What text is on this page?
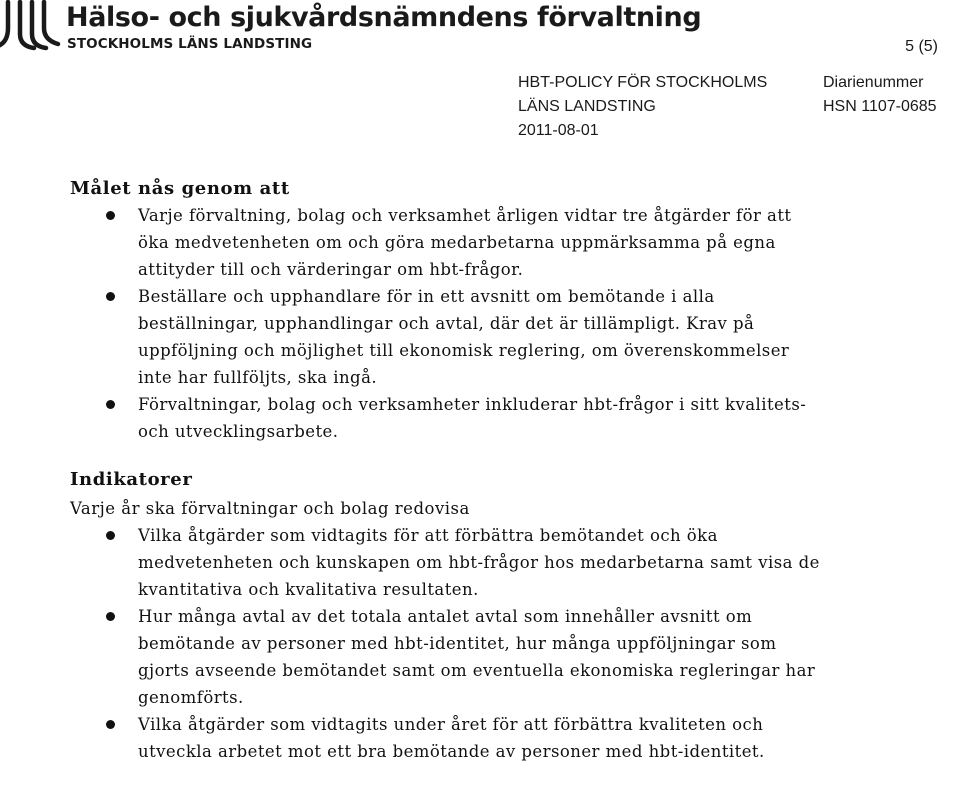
Hälso- och sjukvårdsnämndens förvaltning
STOCKHOLMS LÄNS LANDSTING	5 (5)
HBT-POLICY FÖR STOCKHOLMS
LÄNS LANDSTING
2011-08-01
Diarienummer
HSN 1107-0685
Målet nås genom att
Varje förvaltning, bolag och verksamhet årligen vidtar tre åtgärder för att öka medvetenheten om och göra medarbetarna uppmärksamma på egna attityder till och värderingar om hbt-frågor.
Beställare och upphandlare för in ett avsnitt om bemötande i alla beställningar, upphandlingar och avtal, där det är tillämpligt. Krav på uppföljning och möjlighet till ekonomisk reglering, om överenskommelser inte har fullföljts, ska ingå.
Förvaltningar, bolag och verksamheter inkluderar hbt-frågor i sitt kvalitets- och utvecklingsarbete.
Indikatorer

Varje år ska förvaltningar och bolag redovisa

Vilka åtgärder som vidtagits för att förbättra bemötandet och öka medvetenheten och kunskapen om hbt-frågor hos medarbetarna samt visa de kvantitativa och kvalitativa resultaten.
Hur många avtal av det totala antalet avtal som innehåller avsnitt om bemötande av personer med hbt-identitet, hur många uppföljningar som gjorts avseende bemötandet samt om eventuella ekonomiska regleringar har genomförts.
Vilka åtgärder som vidtagits under året för att förbättra kvaliteten och utveckla arbetet mot ett bra bemötande av personer med hbt-identitet.
